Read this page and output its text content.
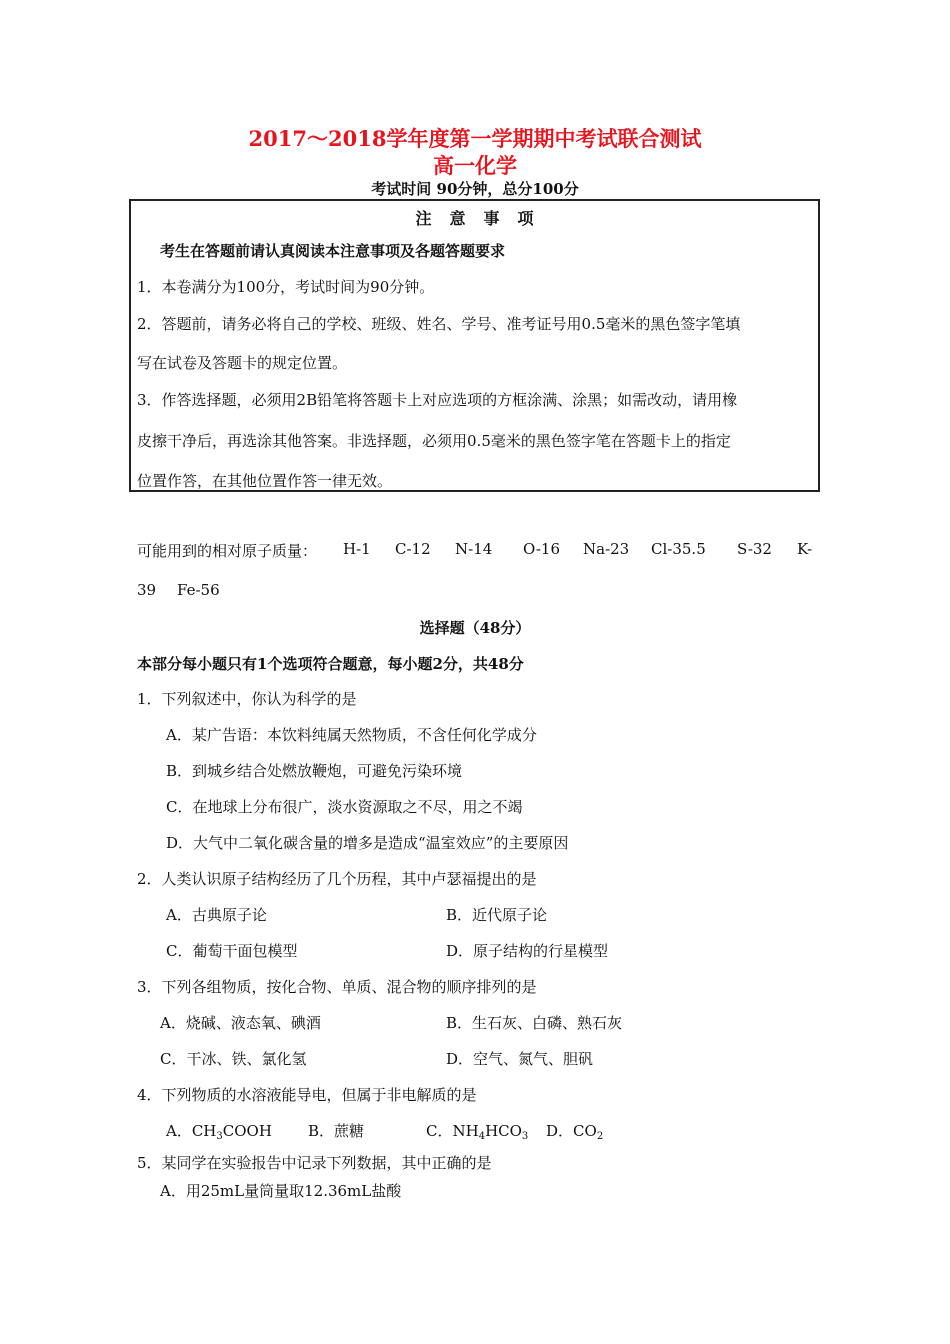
2017～2018学年度第一学期期中考试联合测试
高一化学
考试时间 90分钟，总分100分
注　意　事　项
考生在答题前请认真阅读本注意事项及各题答题要求
1．本卷满分为100分，考试时间为90分钟。
2．答题前，请务必将自己的学校、班级、姓名、学号、准考证号用0.5毫米的黑色签字笔填
写在试卷及答题卡的规定位置。
3．作答选择题，必须用2B铅笔将答题卡上对应选项的方框涂满、涂黑；如需改动，请用橡
皮擦干净后，再选涂其他答案。非选择题，必须用0.5毫米的黑色签字笔在答题卡上的指定
位置作答，在其他位置作答一律无效。
可能用到的相对原子质量： H-1 C-12 N-14 O-16 Na-23 Cl-35.5 S-32 K-
39 Fe-56
选择题（48分）
本部分每小题只有1个选项符合题意，每小题2分，共48分
1．下列叙述中，你认为科学的是
A．某广告语：本饮料纯属天然物质，不含任何化学成分
B．到城乡结合处燃放鞭炮，可避免污染环境
C．在地球上分布很广，淡水资源取之不尽，用之不竭
D．大气中二氧化碳含量的增多是造成“温室效应”的主要原因
2．人类认识原子结构经历了几个历程，其中卢瑟福提出的是
A．古典原子论	B．近代原子论
C．葡萄干面包模型	D．原子结构的行星模型
3．下列各组物质，按化合物、单质、混合物的顺序排列的是
A．烧碱、液态氧、碘酒	B．生石灰、白磷、熟石灰
C．干冰、铁、氯化氢	D．空气、氮气、胆矾
4．下列物质的水溶液能导电，但属于非电解质的是
A．$CH_3COOH$ B．蔗糖	C．$NH_4HCO_3$ D．$CO_2$
5．某同学在实验报告中记录下列数据，其中正确的是
A．用25mL量筒量取12.36mL盐酸
